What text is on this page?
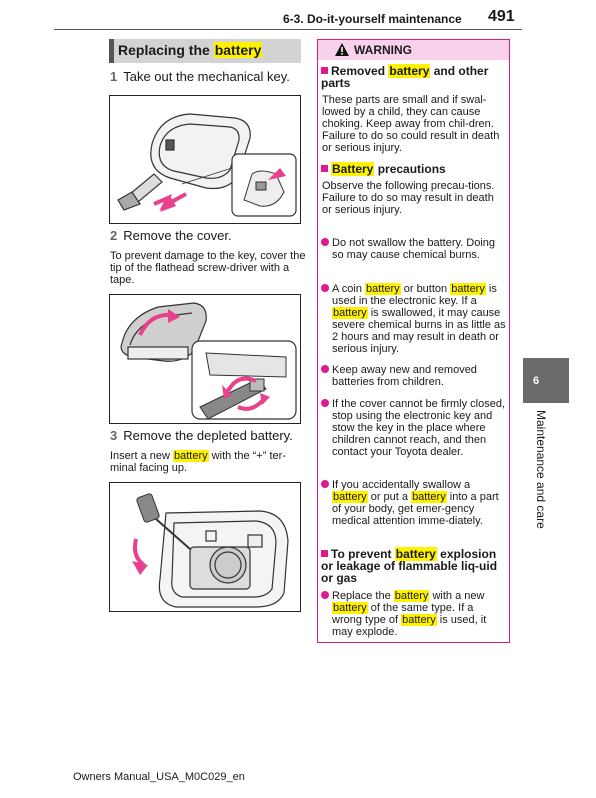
6-3. Do-it-yourself maintenance 491
Replacing the battery
1 Take out the mechanical key.
2 Remove the cover.
To prevent damage to the key, cover the tip of the flathead screw-driver with a tape.
3 Remove the depleted battery.
Insert a new battery with the “+” ter-minal facing up.
WARNING
Removed battery and other parts
These parts are small and if swal-lowed by a child, they can cause choking. Keep away from chil-dren. Failure to do so could result in death or serious injury.
Battery precautions
Observe the following precau-tions.
Failure to do so may result in death or serious injury.
Do not swallow the battery. Doing so may cause chemical burns.
A coin battery or button battery is used in the electronic key. If a battery is swallowed, it may cause severe chemical burns in as little as 2 hours and may result in death or serious injury.
Keep away new and removed batteries from children.
If the cover cannot be firmly closed, stop using the electronic key and stow the key in the place where children cannot reach, and then contact your Toyota dealer.
If you accidentally swallow a battery or put a battery into a part of your body, get emer-gency medical attention imme-diately.
To prevent battery explosion or leakage of flammable liq-uid or gas
Replace the battery with a new battery of the same type. If a wrong type of battery is used, it may explode.
6
Maintenance and care
Owners Manual_USA_M0C029_en
